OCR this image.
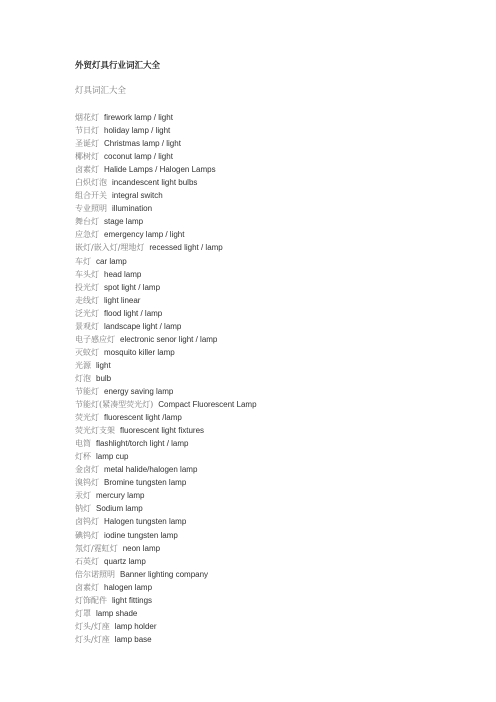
外贸灯具行业词汇大全
灯具词汇大全
烟花灯 firework lamp / light
节日灯 holiday lamp / light
圣诞灯 Christmas lamp / light
椰树灯 coconut lamp / light
卤素灯 Halide Lamps / Halogen Lamps
白炽灯泡 incandescent light bulbs
组合开关 integral switch
专业照明 illumination
舞台灯 stage lamp
应急灯 emergency lamp / light
嵌灯/嵌入灯/埋地灯 recessed light / lamp
车灯 car lamp
车头灯 head lamp
投光灯 spot light / lamp
走线灯 light linear
泛光灯 flood light / lamp
景观灯 landscape light / lamp
电子感应灯 electronic senor light / lamp
灭蚊灯 mosquito killer lamp
光源 light
灯泡 bulb
节能灯 energy saving lamp
节能灯(紧凑型荧光灯) Compact Fluorescent Lamp
荧光灯 fluorescent light /lamp
荧光灯支架 fluorescent light fixtures
电筒 flashlight/torch light / lamp
灯杯 lamp cup
金卤灯 metal halide/halogen lamp
溴钨灯 Bromine tungsten lamp
汞灯 mercury lamp
钠灯 Sodium lamp
卤钨灯 Halogen tungsten lamp
碘钨灯 iodine tungsten lamp
氖灯/霓虹灯 neon lamp
石英灯 quartz lamp
倍尔诺照明 Banner lighting company
卤素灯 halogen lamp
灯饰配件 light fittings
灯罩 lamp shade
灯头/灯座 lamp holder
灯头/灯座 lamp base
